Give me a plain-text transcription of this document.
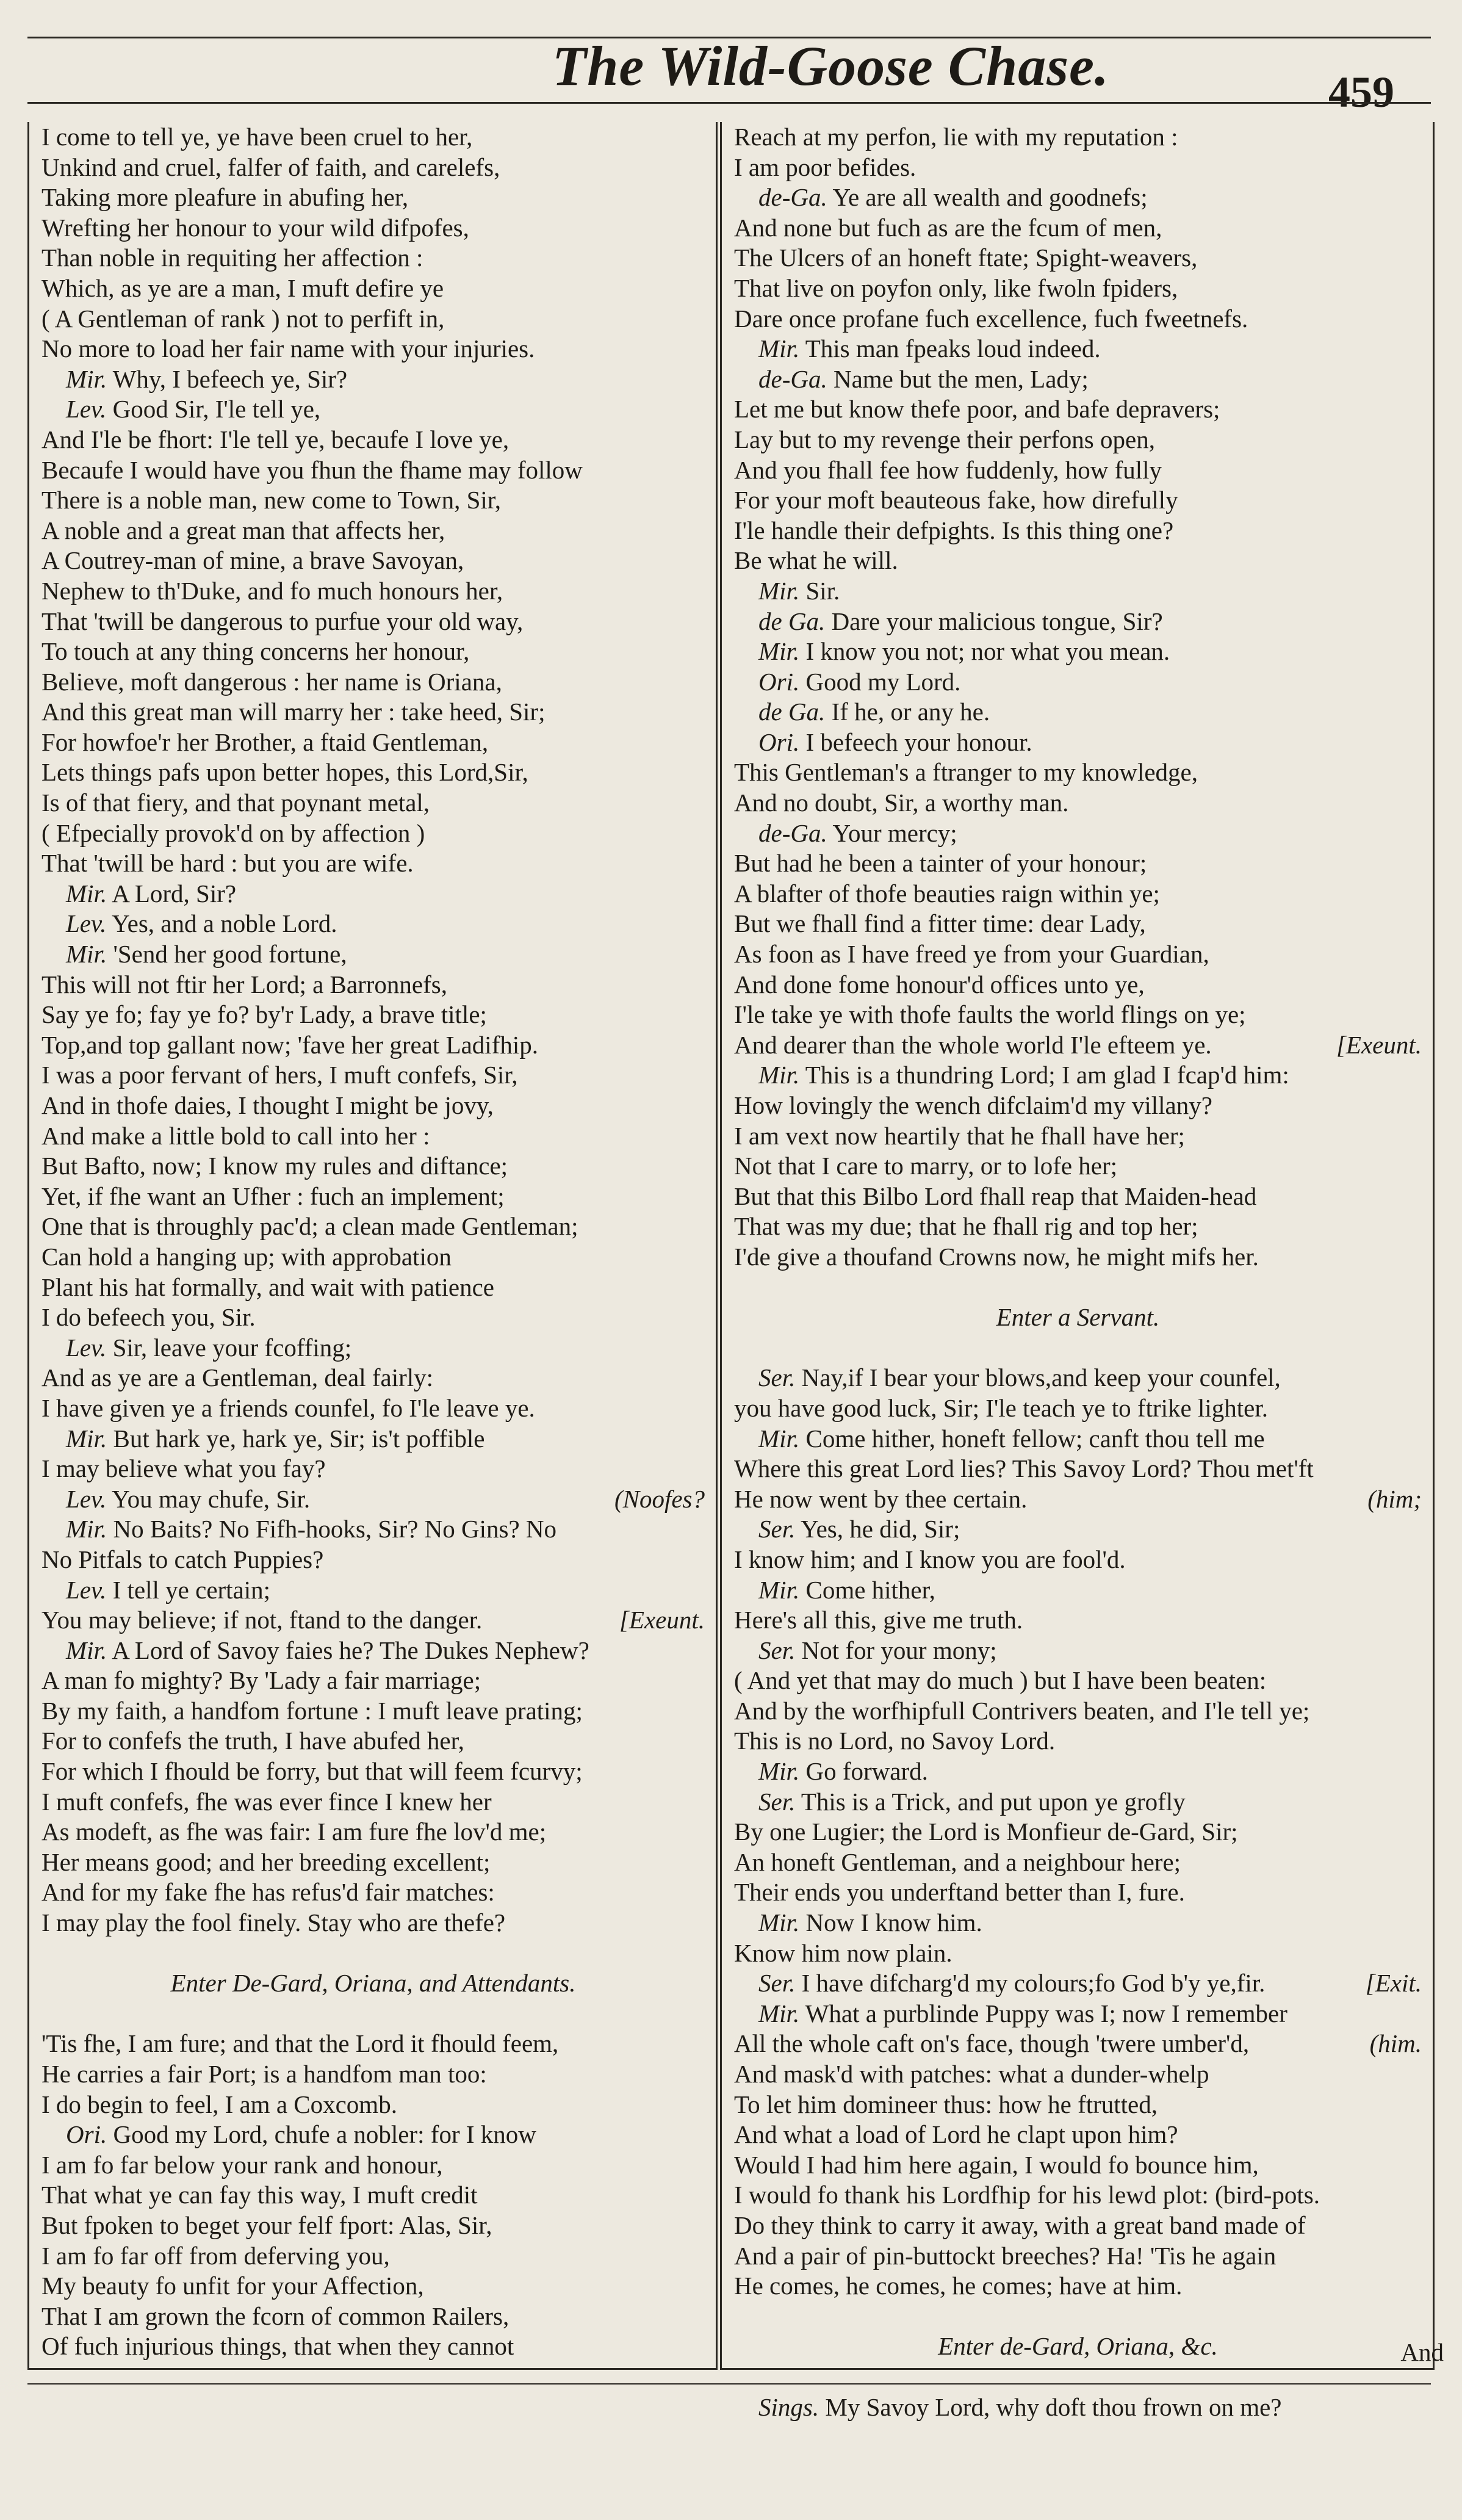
The Wild-Goose Chase.	459
I come to tell ye, ye have been cruel to her,
Unkind and cruel, falfer of faith, and carelefs,
Taking more pleafure in abufing her,
Wrefting her honour to your wild difpofes,
Than noble in requiting her affection :
Which, as ye are a man, I muft defire ye
( A Gentleman of rank ) not to perfift in,
No more to load her fair name with your injuries.
Mir. Why, I befeech ye, Sir?
Lev. Good Sir, I'le tell ye,
And I'le be fhort: I'le tell ye, becaufe I love ye,
Becaufe I would have you fhun the fhame may follow
There is a noble man, new come to Town, Sir,
A noble and a great man that affects her,
A Coutrey-man of mine, a brave Savoyan,
Nephew to th'Duke, and fo much honours her,
That 'twill be dangerous to purfue your old way,
To touch at any thing concerns her honour,
Believe, moft dangerous : her name is Oriana,
And this great man will marry her : take heed, Sir;
For howfoe'r her Brother, a ftaid Gentleman,
Lets things pafs upon better hopes, this Lord,Sir,
Is of that fiery, and that poynant metal,
( Efpecially provok'd on by affection )
That 'twill be hard : but you are wife.
Mir. A Lord, Sir?
Lev. Yes, and a noble Lord.
Mir. 'Send her good fortune,
This will not ftir her Lord; a Barronnefs,
Say ye fo; fay ye fo? by'r Lady, a brave title;
Top,and top gallant now; 'fave her great Ladifhip.
I was a poor fervant of hers, I muft confefs, Sir,
And in thofe daies, I thought I might be jovy,
And make a little bold to call into her :
But Bafto, now; I know my rules and diftance;
Yet, if fhe want an Ufher : fuch an implement;
One that is throughly pac'd; a clean made Gentleman;
Can hold a hanging up; with approbation
Plant his hat formally, and wait with patience
I do befeech you, Sir.
Lev. Sir, leave your fcoffing;
And as ye are a Gentleman, deal fairly:
I have given ye a friends counfel, fo I'le leave ye.
Mir. But hark ye, hark ye, Sir; is't poffible
I may believe what you fay?
Lev. You may chufe, Sir.	(Noofes?
Mir. No Baits? No Fifh-hooks, Sir? No Gins? No
No Pitfals to catch Puppies?
Lev. I tell ye certain;
You may believe; if not, ftand to the danger.	[Exeunt.
Mir. A Lord of Savoy faies he? The Dukes Nephew?
A man fo mighty? By 'Lady a fair marriage;
By my faith, a handfom fortune : I muft leave prating;
For to confefs the truth, I have abufed her,
For which I fhould be forry, but that will feem fcurvy;
I muft confefs, fhe was ever fince I knew her
As modeft, as fhe was fair: I am fure fhe lov'd me;
Her means good; and her breeding excellent;
And for my fake fhe has refus'd fair matches:
I may play the fool finely. Stay who are thefe?
Enter De-Gard, Oriana, and Attendants.
'Tis fhe, I am fure; and that the Lord it fhould feem,
He carries a fair Port; is a handfom man too:
I do begin to feel, I am a Coxcomb.
Ori. Good my Lord, chufe a nobler: for I know
I am fo far below your rank and honour,
That what ye can fay this way, I muft credit
But fpoken to beget your felf fport: Alas, Sir,
I am fo far off from deferving you,
My beauty fo unfit for your Affection,
That I am grown the fcorn of common Railers,
Of fuch injurious things, that when they cannot
Reach at my perfon, lie with my reputation :
I am poor befides.
de-Ga. Ye are all wealth and goodnefs;
And none but fuch as are the fcum of men,
The Ulcers of an honeft ftate; Spight-weavers,
That live on poyfon only, like fwoln fpiders,
Dare once profane fuch excellence, fuch fweetnefs.
Mir. This man fpeaks loud indeed.
de-Ga. Name but the men, Lady;
Let me but know thefe poor, and bafe depravers;
Lay but to my revenge their perfons open,
And you fhall fee how fuddenly, how fully
For your moft beauteous fake, how direfully
I'le handle their defpights. Is this thing one?
Be what he will.
Mir. Sir.
de Ga. Dare your malicious tongue, Sir?
Mir. I know you not; nor what you mean.
Ori. Good my Lord.
de Ga. If he, or any he.
Ori. I befeech your honour.
This Gentleman's a ftranger to my knowledge,
And no doubt, Sir, a worthy man.
de-Ga. Your mercy;
But had he been a tainter of your honour;
A blafter of thofe beauties raign within ye;
But we fhall find a fitter time: dear Lady,
As foon as I have freed ye from your Guardian,
And done fome honour'd offices unto ye,
I'le take ye with thofe faults the world flings on ye;
And dearer than the whole world I'le efteem ye.	[Exeunt.
Mir. This is a thundring Lord; I am glad I fcap'd him:
How lovingly the wench difclaim'd my villany?
I am vext now heartily that he fhall have her;
Not that I care to marry, or to lofe her;
But that this Bilbo Lord fhall reap that Maiden-head
That was my due; that he fhall rig and top her;
I'de give a thoufand Crowns now, he might mifs her.
Enter a Servant.
Ser. Nay,if I bear your blows,and keep your counfel,
you have good luck, Sir; I'le teach ye to ftrike lighter.
Mir. Come hither, honeft fellow; canft thou tell me
Where this great Lord lies? This Savoy Lord? Thou met'ft
He now went by thee certain.	(him;
Ser. Yes, he did, Sir;
I know him; and I know you are fool'd.
Mir. Come hither,
Here's all this, give me truth.
Ser. Not for your mony;
( And yet that may do much ) but I have been beaten:
And by the worfhipfull Contrivers beaten, and I'le tell ye;
This is no Lord, no Savoy Lord.
Mir. Go forward.
Ser. This is a Trick, and put upon ye grofly
By one Lugier; the Lord is Monfieur de-Gard, Sir;
An honeft Gentleman, and a neighbour here;
Their ends you underftand better than I, fure.
Mir. Now I know him.
Know him now plain.
Ser. I have difcharg'd my colours;fo God b'y ye,fir.	[Exit.
Mir. What a purblinde Puppy was I; now I remember
All the whole caft on's face, though 'twere umber'd,	(him.
And mask'd with patches: what a dunder-whelp
To let him domineer thus: how he ftrutted,
And what a load of Lord he clapt upon him?
Would I had him here again, I would fo bounce him,
I would fo thank his Lordfhip for his lewd plot: (bird-pots.
Do they think to carry it away, with a great band made of
And a pair of pin-buttockt breeches? Ha! 'Tis he again
He comes, he comes, he comes; have at him.
Enter de-Gard, Oriana, &c.
Sings. My Savoy Lord, why doft thou frown on me?
And
